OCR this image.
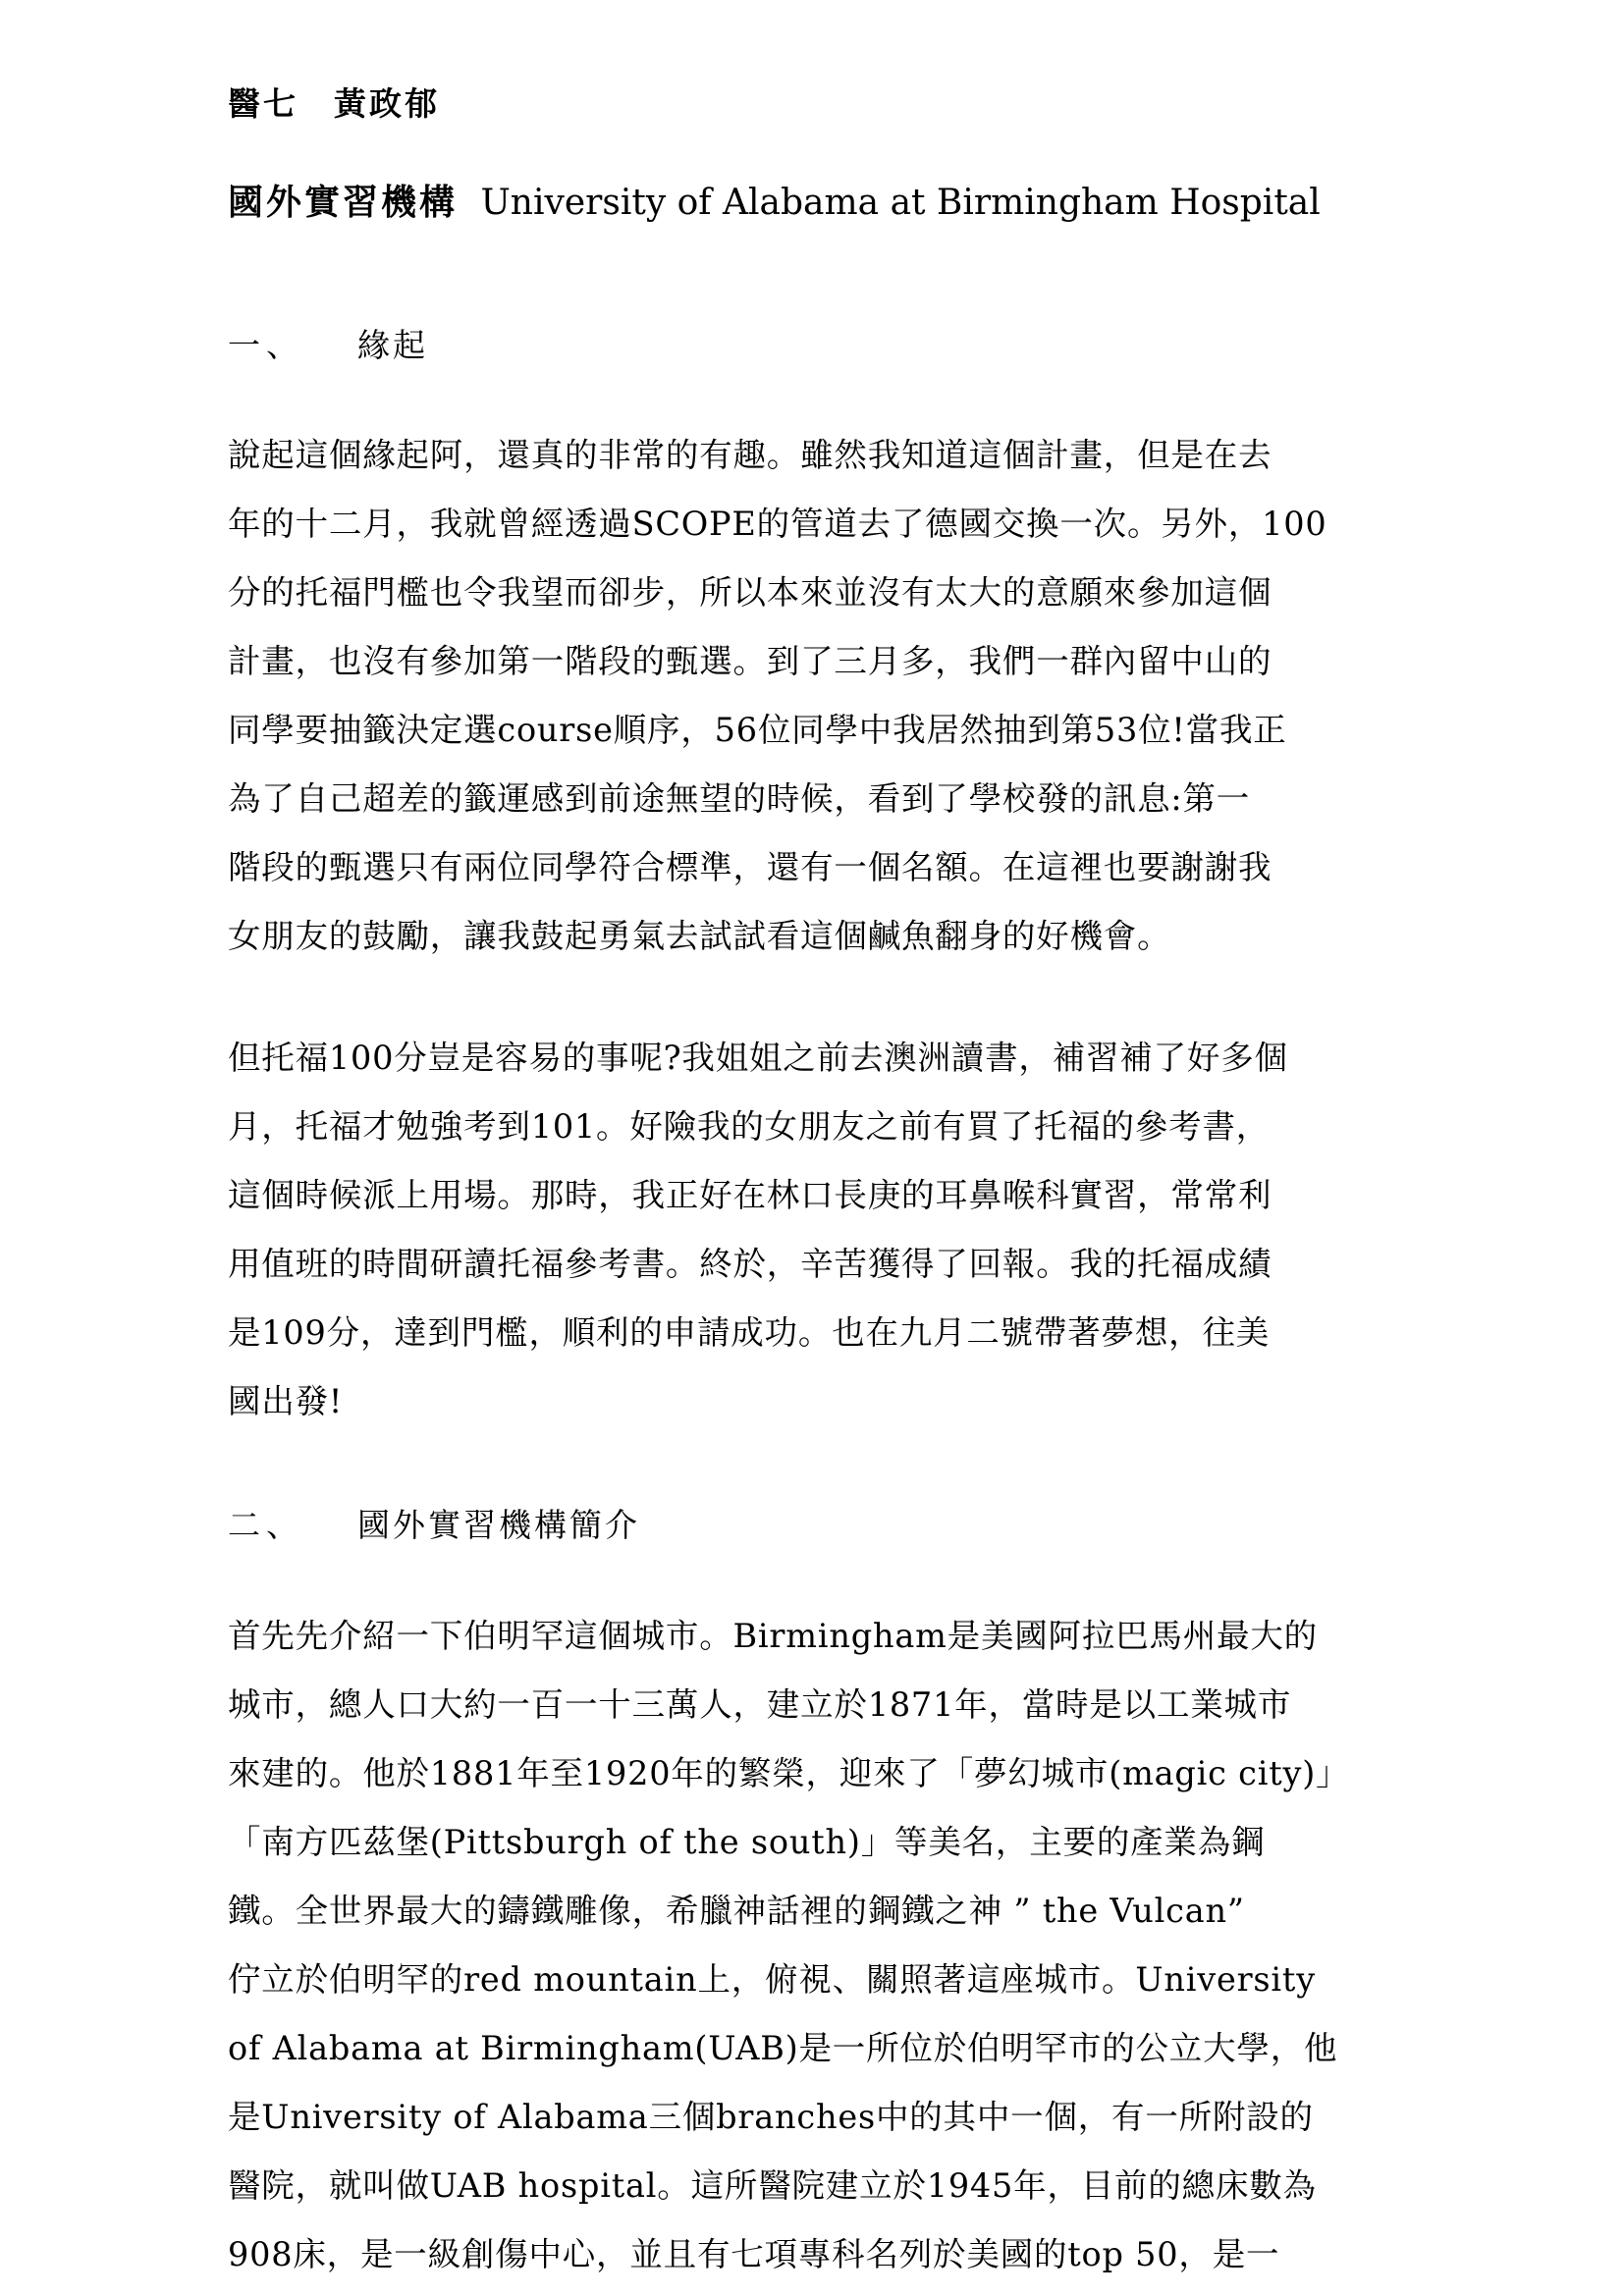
醫七　黃政郁

國外實習機構 University of Alabama at Birmingham Hospital

一、 緣起

說起這個緣起阿，還真的非常的有趣。雖然我知道這個計畫，但是在去
年的十二月，我就曾經透過SCOPE的管道去了德國交換一次。另外，100
分的托福門檻也令我望而卻步，所以本來並沒有太大的意願來參加這個
計畫，也沒有參加第一階段的甄選。到了三月多，我們一群內留中山的
同學要抽籤決定選course順序，56位同學中我居然抽到第53位!當我正
為了自己超差的籤運感到前途無望的時候，看到了學校發的訊息:第一
階段的甄選只有兩位同學符合標準，還有一個名額。在這裡也要謝謝我
女朋友的鼓勵，讓我鼓起勇氣去試試看這個鹹魚翻身的好機會。
但托福100分豈是容易的事呢?我姐姐之前去澳洲讀書，補習補了好多個
月，托福才勉強考到101。好險我的女朋友之前有買了托福的參考書，
這個時候派上用場。那時，我正好在林口長庚的耳鼻喉科實習，常常利
用值班的時間研讀托福參考書。終於，辛苦獲得了回報。我的托福成績
是109分，達到門檻，順利的申請成功。也在九月二號帶著夢想，往美
國出發!

二、 國外實習機構簡介

首先先介紹一下伯明罕這個城市。Birmingham是美國阿拉巴馬州最大的
城市，總人口大約一百一十三萬人，建立於1871年，當時是以工業城市
來建的。他於1881年至1920年的繁榮，迎來了「夢幻城市(magic city)」
「南方匹茲堡(Pittsburgh of the south)」等美名，主要的產業為鋼
鐵。全世界最大的鑄鐵雕像，希臘神話裡的鋼鐵之神 ” the Vulcan”
佇立於伯明罕的red mountain上，俯視、關照著這座城市。University
of Alabama at Birmingham(UAB)是一所位於伯明罕市的公立大學，他
是University of Alabama三個branches中的其中一個，有一所附設的
醫院，就叫做UAB hospital。這所醫院建立於1945年，目前的總床數為
908床，是一級創傷中心，並且有七項專科名列於美國的top 50，是一
